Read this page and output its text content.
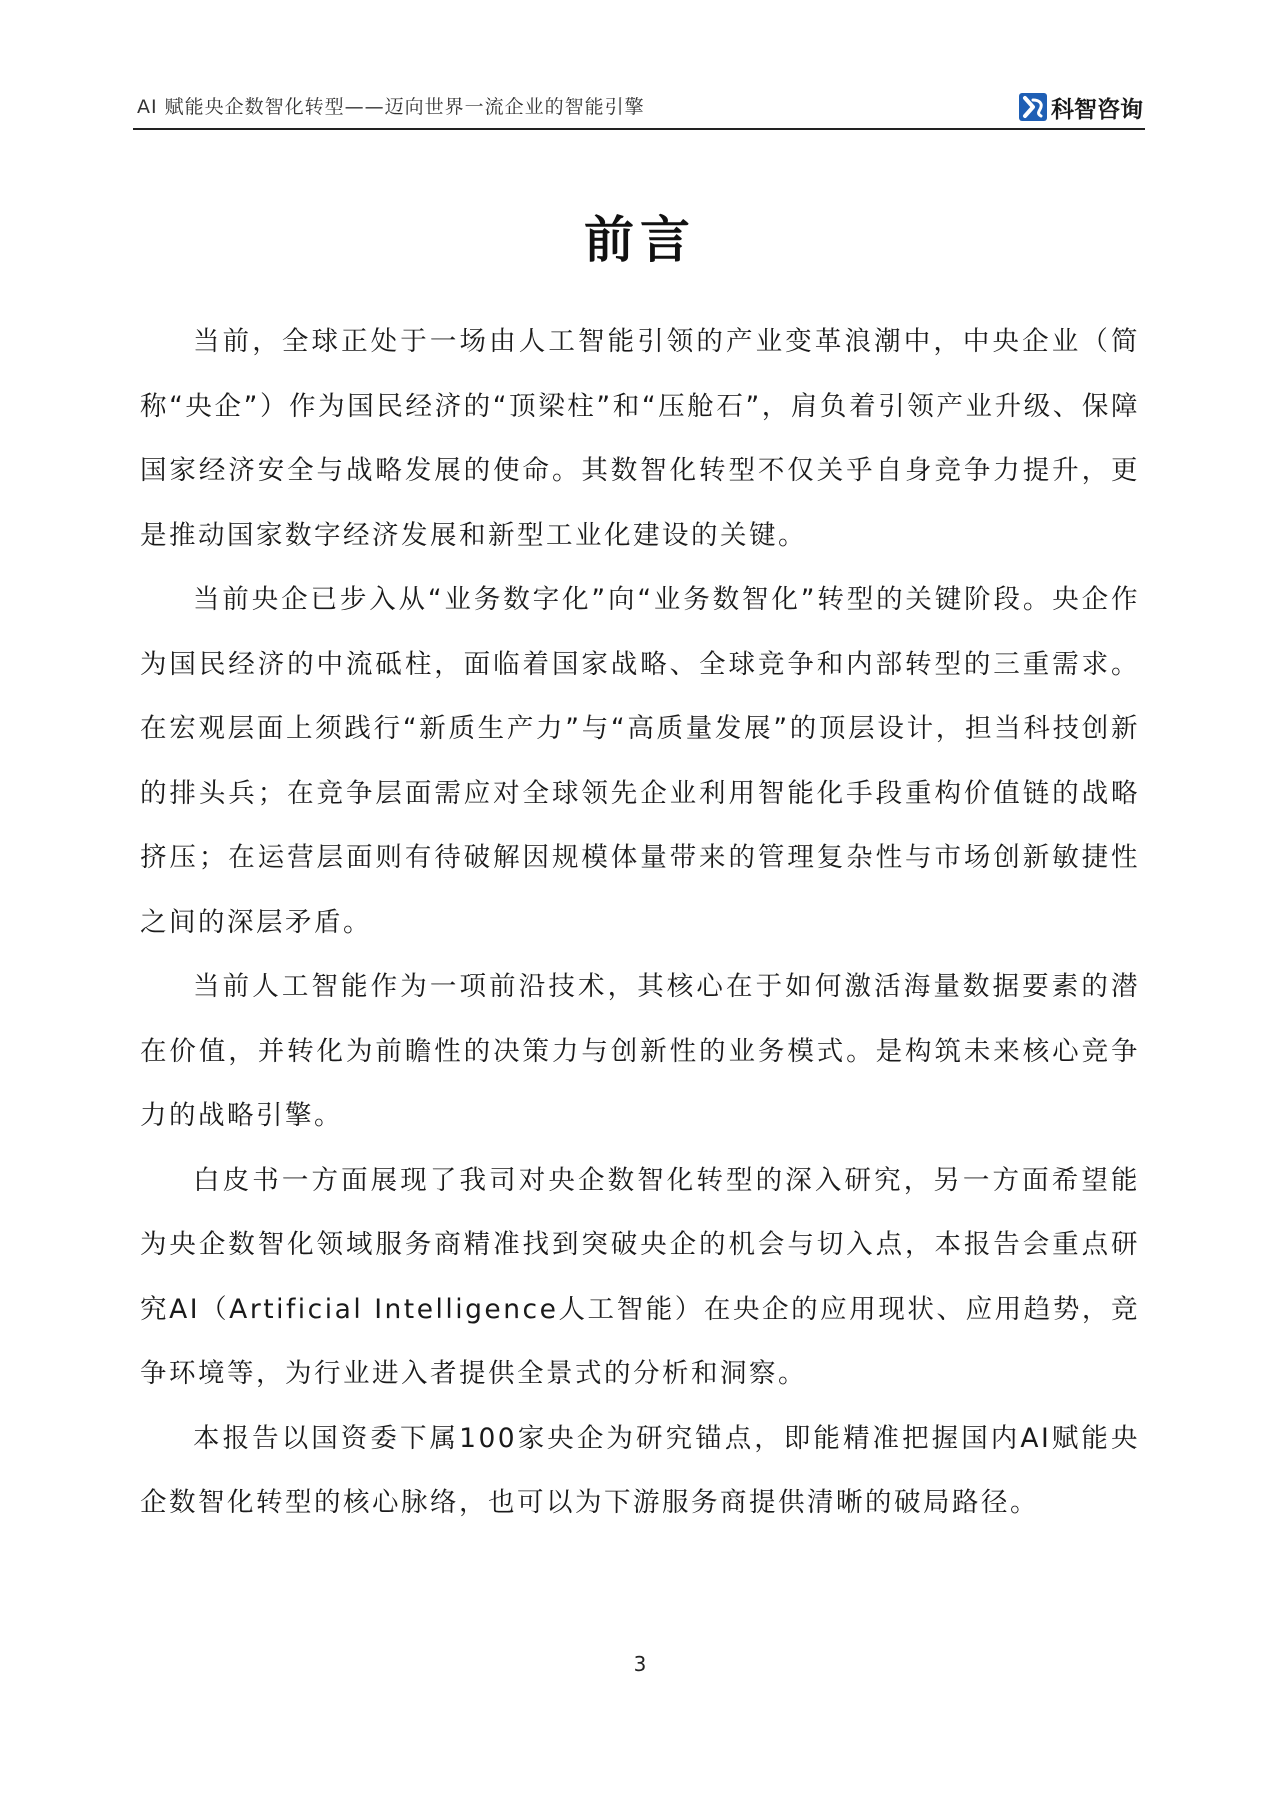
AI 赋能央企数智化转型——迈向世界一流企业的智能引擎	科智咨询
前言

当前，全球正处于一场由人工智能引领的产业变革浪潮中，中央企业（简称“央企”）作为国民经济的“顶梁柱”和“压舱石”，肩负着引领产业升级、保障国家经济安全与战略发展的使命。其数智化转型不仅关乎自身竞争力提升，更是推动国家数字经济发展和新型工业化建设的关键。

当前央企已步入从“业务数字化”向“业务数智化”转型的关键阶段。央企作为国民经济的中流砥柱，面临着国家战略、全球竞争和内部转型的三重需求。在宏观层面上须践行“新质生产力”与“高质量发展”的顶层设计，担当科技创新的排头兵；在竞争层面需应对全球领先企业利用智能化手段重构价值链的战略挤压；在运营层面则有待破解因规模体量带来的管理复杂性与市场创新敏捷性之间的深层矛盾。

当前人工智能作为一项前沿技术，其核心在于如何激活海量数据要素的潜在价值，并转化为前瞻性的决策力与创新性的业务模式。是构筑未来核心竞争力的战略引擎。

白皮书一方面展现了我司对央企数智化转型的深入研究，另一方面希望能为央企数智化领域服务商精准找到突破央企的机会与切入点，本报告会重点研究AI（Artificial Intelligence人工智能）在央企的应用现状、应用趋势，竞争环境等，为行业进入者提供全景式的分析和洞察。

本报告以国资委下属100家央企为研究锚点，即能精准把握国内AI赋能央企数智化转型的核心脉络，也可以为下游服务商提供清晰的破局路径。

3
